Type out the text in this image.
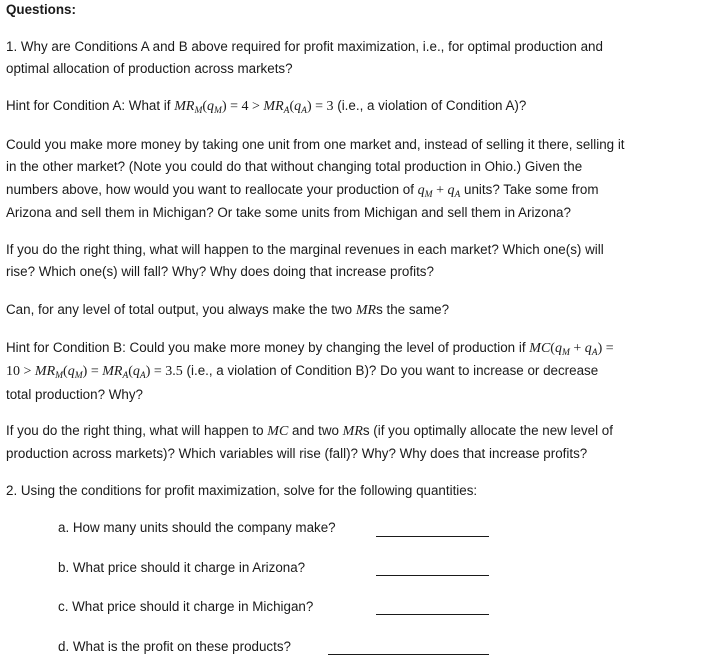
Questions:

1. Why are Conditions A and B above required for profit maximization, i.e., for optimal production and
optimal allocation of production across markets?
Hint for Condition A: What if $MR_M(q_M) = 4 > MR_A(q_A) = 3$ (i.e., a violation of Condition A)?
Could you make more money by taking one unit from one market and, instead of selling it there, selling it
in the other market? (Note you could do that without changing total production in Ohio.) Given the
numbers above, how would you want to reallocate your production of $q_M + q_A$ units? Take some from
Arizona and sell them in Michigan? Or take some units from Michigan and sell them in Arizona?
If you do the right thing, what will happen to the marginal revenues in each market? Which one(s) will
rise? Which one(s) will fall? Why? Why does doing that increase profits?
Can, for any level of total output, you always make the two MRs the same?
Hint for Condition B: Could you make more money by changing the level of production if $MC(q_M + q_A)$ =
$10 > MR_M(q_M) = MR_A(q_A) = 3.5$ (i.e., a violation of Condition B)? Do you want to increase or decrease
total production? Why?
If you do the right thing, what will happen to MC and two MRs (if you optimally allocate the new level of
production across markets)? Which variables will rise (fall)? Why? Why does that increase profits?

2. Using the conditions for profit maximization, solve for the following quantities:

a. How many units should the company make?

b. What price should it charge in Arizona?

c. What price should it charge in Michigan?

d. What is the profit on these products?
